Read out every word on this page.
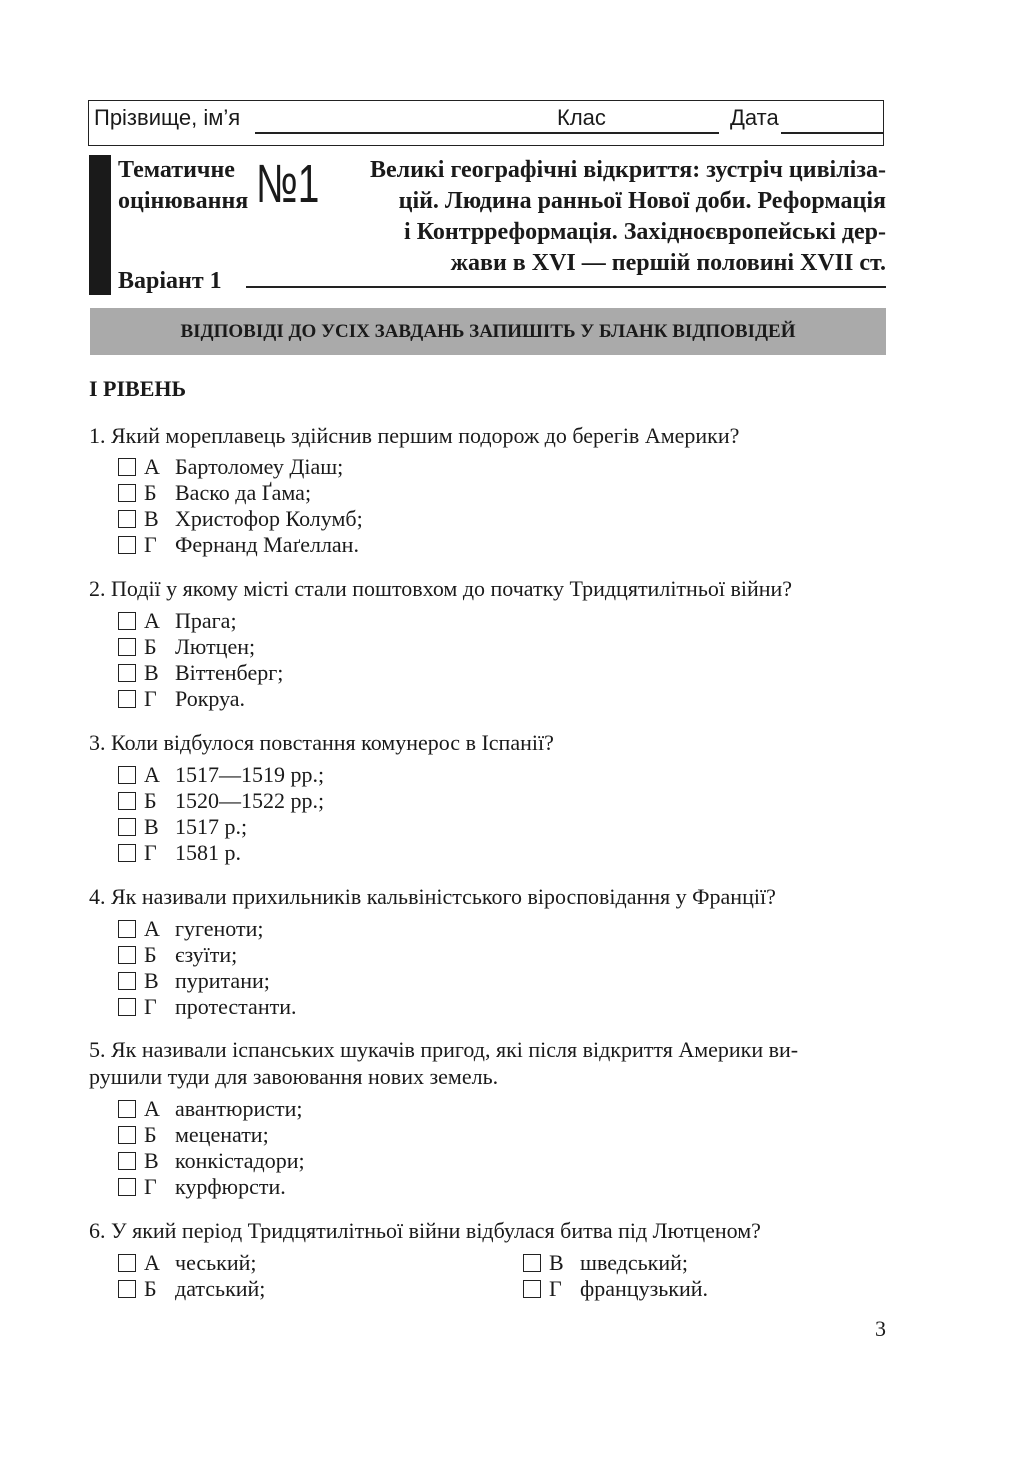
Прізвище, ім’я	Клас	Дата
Тематичне
оцінювання №1	Великі географічні відкриття: зустріч цивіліза-
цій. Людина ранньої Нової доби. Реформація
і Контрреформація. Західноєвропейські дер-
жави в XVI — першій половині XVII ст.
Варіант 1
ВІДПОВІДІ ДО УСІХ ЗАВДАНЬ ЗАПИШІТЬ У БЛАНК ВІДПОВІДЕЙ
І РІВЕНЬ
1. Який мореплавець здійснив першим подорож до берегів Америки?
А Бартоломеу Діаш;
Б Васко да Ґама;
В Христофор Колумб;
Г Фернанд Маґеллан.
2. Події у якому місті стали поштовхом до початку Тридцятилітньої війни?
А Прага;
Б Лютцен;
В Віттенберг;
Г Рокруа.
3. Коли відбулося повстання комунерос в Іспанії?
А 1517—1519 рр.;
Б 1520—1522 рр.;
В 1517 р.;
Г 1581 р.
4. Як називали прихильників кальвіністського віросповідання у Франції?
А гугеноти;
Б єзуїти;
В пуритани;
Г протестанти.
5. Як називали іспанських шукачів пригод, які після відкриття Америки ви-
рушили туди для завоювання нових земель.
А авантюристи;
Б меценати;
В конкістадори;
Г курфюрсти.
6. У який період Тридцятилітньої війни відбулася битва під Лютценом?
А чеський;
Б датський;
В шведський;
Г французький.
3
